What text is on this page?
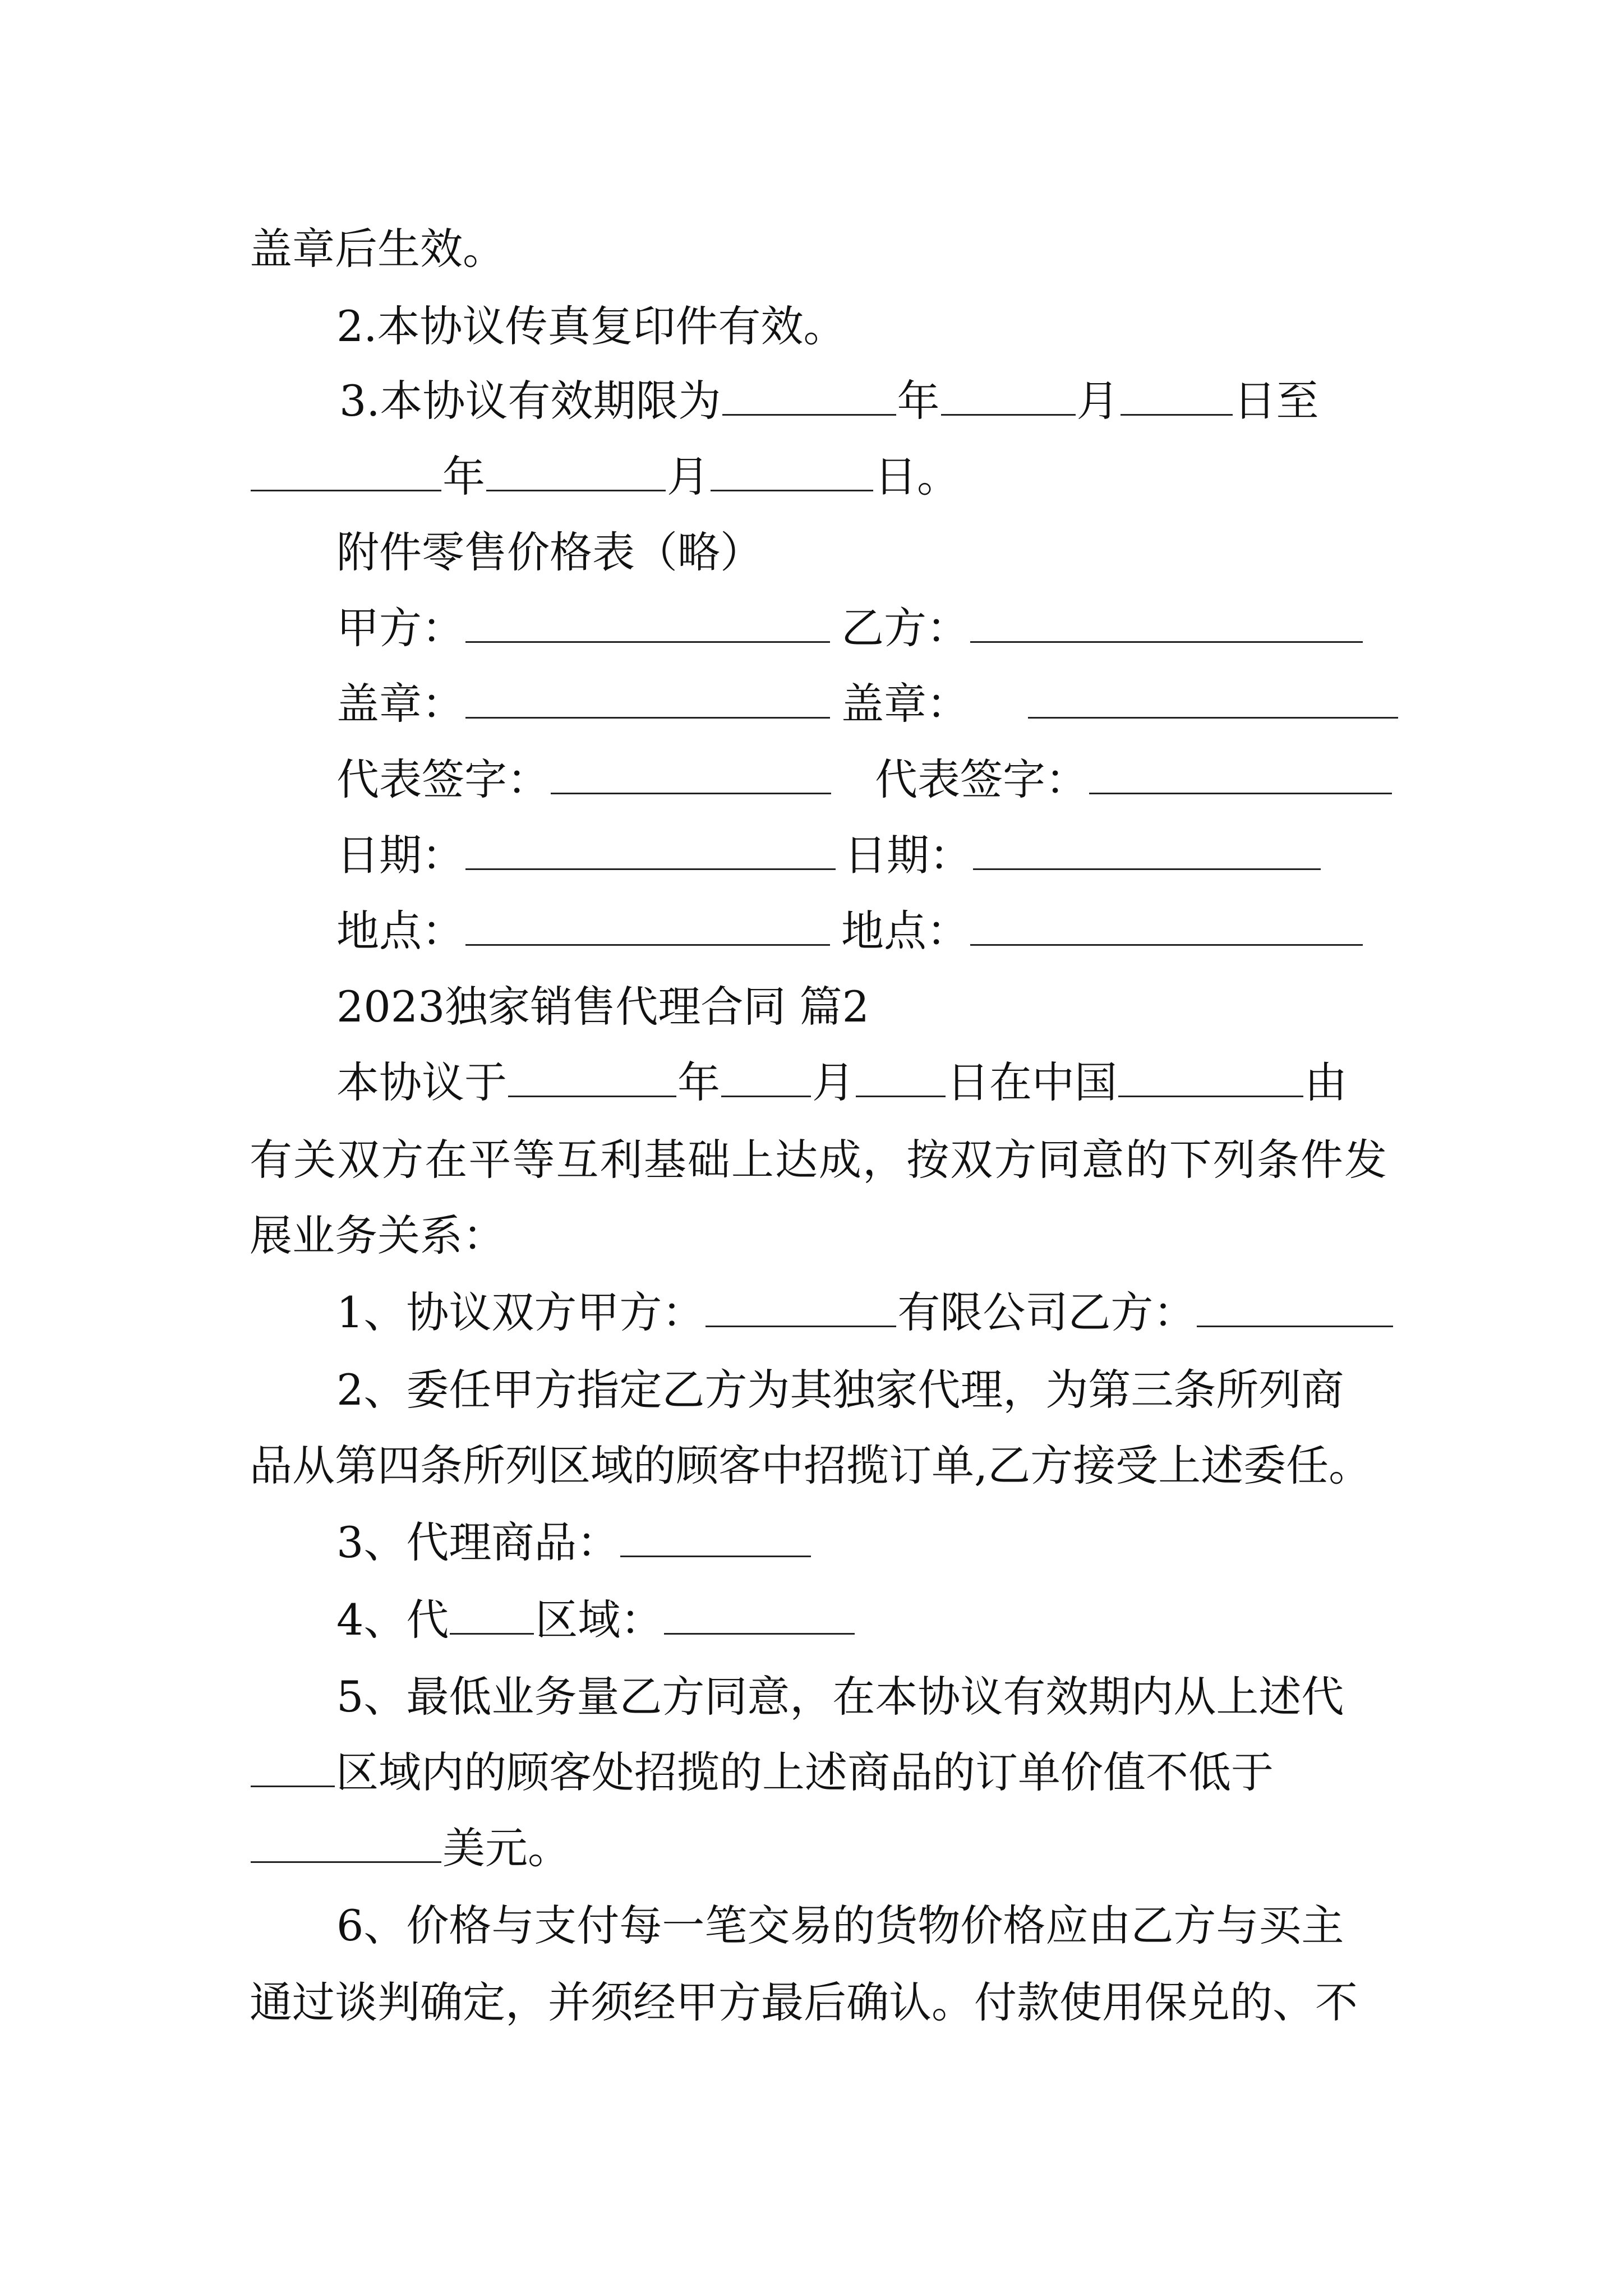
盖章后生效。

2.本协议传真复印件有效。

3.本协议有效期限为	年	月	日至

年	月	日。

附件零售价格表（略）

甲方：	乙方：

盖章：	盖章：

代表签字：	代表签字：

日期：	日期：

地点：	地点：

2023独家销售代理合同 篇2

本协议于	年 月 日在中国	由

有关双方在平等互利基础上达成，按双方同意的下列条件发

展业务关系：

1、协议双方甲方：	有限公司乙方：

2、委任甲方指定乙方为其独家代理，为第三条所列商

品从第四条所列区域的顾客中招揽订单,乙方接受上述委任。

3、代理商品：

4、代 区域：

5、最低业务量乙方同意，在本协议有效期内从上述代

区域内的顾客处招揽的上述商品的订单价值不低于

美元。

6、价格与支付每一笔交易的货物价格应由乙方与买主

通过谈判确定，并须经甲方最后确认。付款使用保兑的、不
